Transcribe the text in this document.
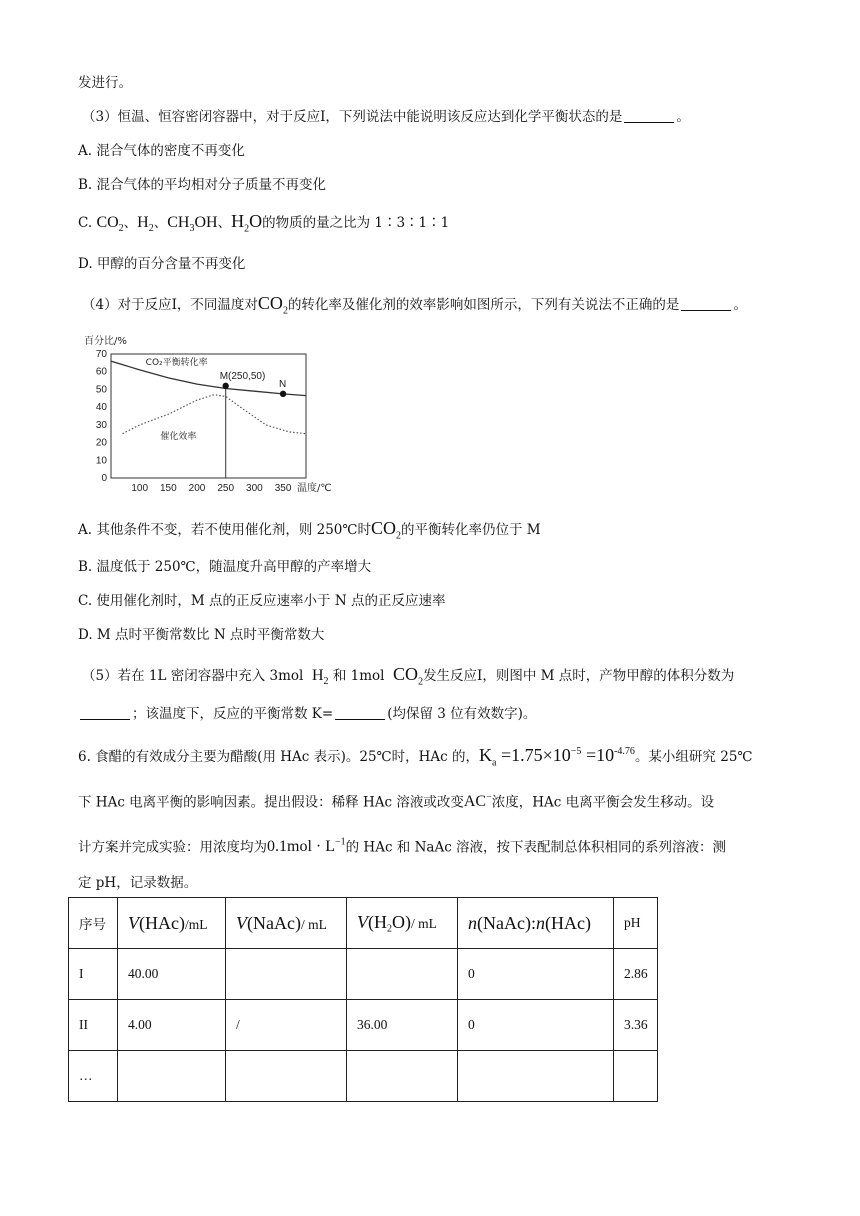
发进行。
（3）恒温、恒容密闭容器中，对于反应I，下列说法中能说明该反应达到化学平衡状态的是	。
A. 混合气体的密度不再变化
B. 混合气体的平均相对分子质量不再变化
C. $CO_2$、$H_2$、$CH_3OH$、$H_2O$的物质的量之比为 1∶3∶1∶1
D. 甲醇的百分含量不再变化
（4）对于反应I，不同温度对$CO_2$的转化率及催化剂的效率影响如图所示，下列有关说法不正确的是	。
0
10
20
30
40
50
60
70
100 150 200 250 300 350
百分比/%
温度/℃
CO₂平衡转化率
催化效率
M(250,50)
N
A. 其他条件不变，若不使用催化剂，则 250℃时$CO_2$的平衡转化率仍位于 M
B. 温度低于 250℃，随温度升高甲醇的产率增大
C. 使用催化剂时，M 点的正反应速率小于 N 点的正反应速率
D. M 点时平衡常数比 N 点时平衡常数大
（5）若在 1L 密闭容器中充入 3mol $H_2$ 和 1mol $CO_2$发生反应I，则图中 M 点时，产物甲醇的体积分数为
；该温度下，反应的平衡常数 K=	(均保留 3 位有效数字)。
6. 食醋的有效成分主要为醋酸(用 HAc 表示)。25℃时，HAc 的，$K_a =1.75\times 10^{-5} =10^{-4.76}$。某小组研究 25℃
下 HAc 电离平衡的影响因素。提出假设：稀释 HAc 溶液或改变AC−浓度，HAc 电离平衡会发生移动。设
计方案并完成实验：用浓度均为$0.1mol \cdot L^{-1}$的 HAc 和 NaAc 溶液，按下表配制总体积相同的系列溶液：测
定 pH，记录数据。
序号	V(HAc)/mL	V(NaAc)/ mL	$V(H_2O)/$ mL	n(NaAc):n(HAc)	pH
I	40.00			0	2.86
II	4.00	/	36.00	0	3.36
…					
